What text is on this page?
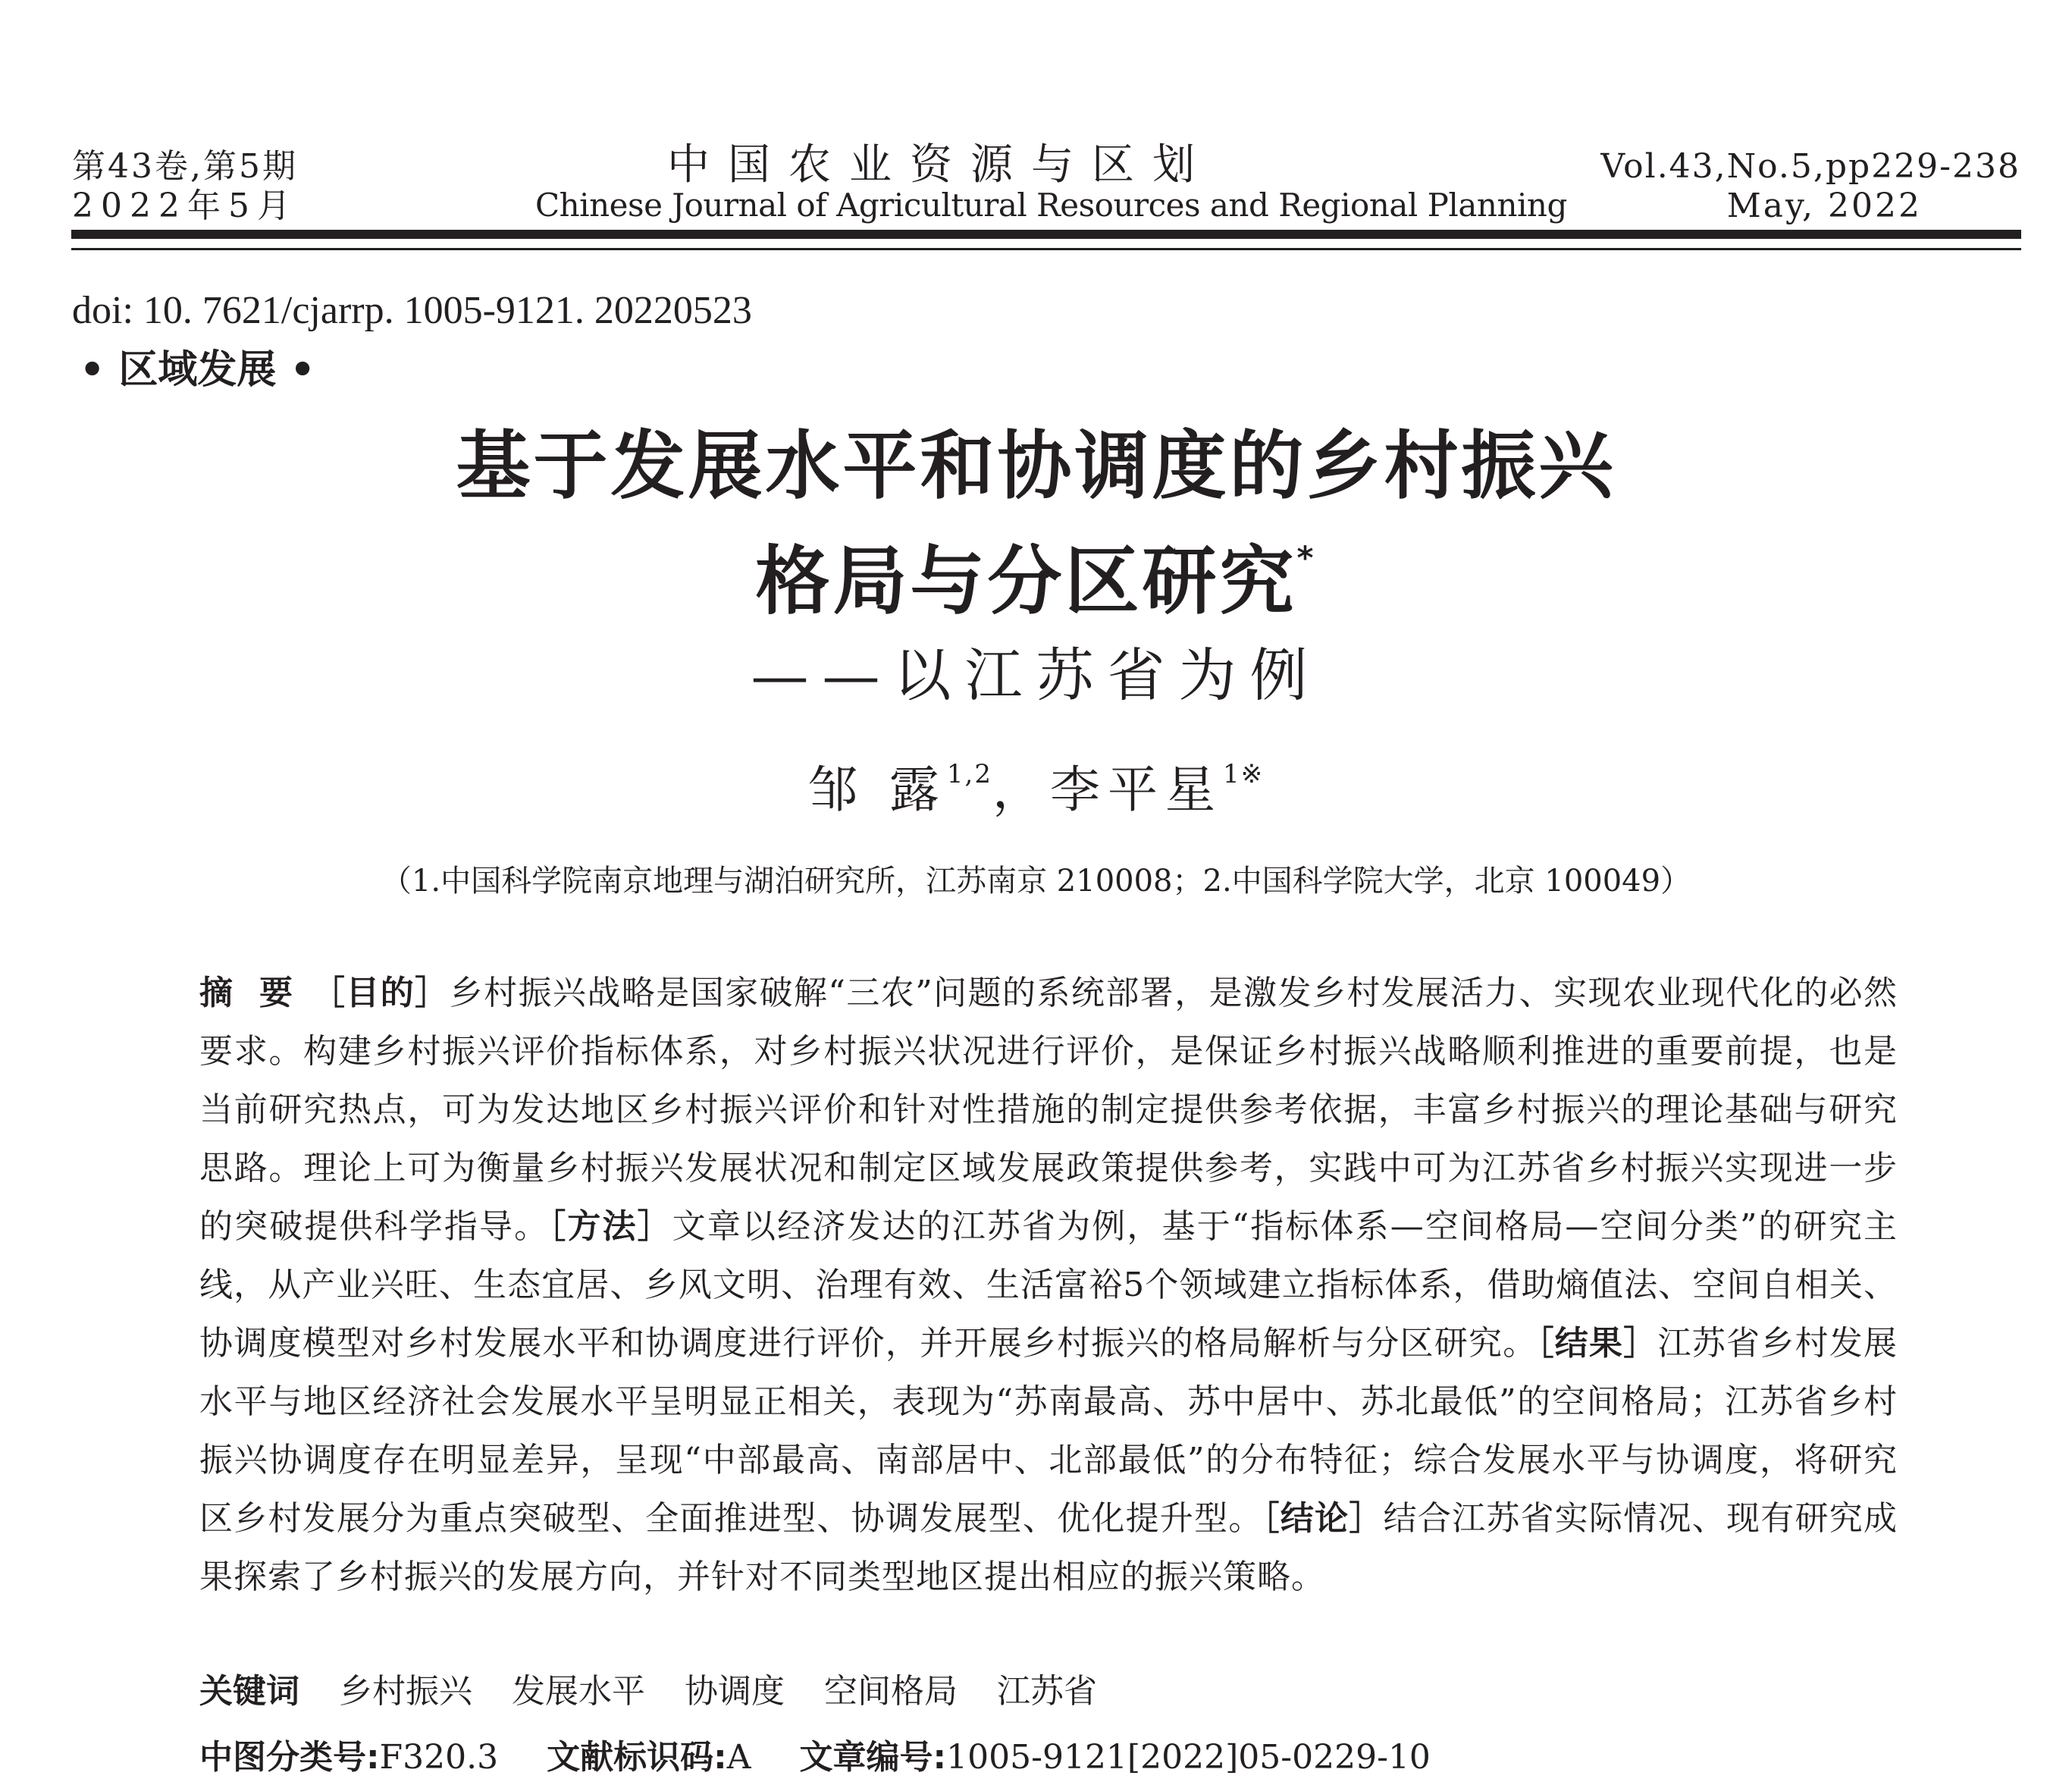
第43卷,第5期
2022年5月
中国农业资源与区划
Chinese Journal of Agricultural Resources and Regional Planning
Vol.43,No.5,pp229-238
May, 2022
doi: 10. 7621/cjarrp. 1005-9121. 20220523
• 区域发展 •
基于发展水平和协调度的乡村振兴
格局与分区研究*
——以江苏省为例
邹 露$^{1,2}$，李平星$^{1※}$
（1.中国科学院南京地理与湖泊研究所，江苏南京 210008；2.中国科学院大学，北京 100049）
摘  要　 ［目的］乡村振兴战略是国家破解“三农”问题的系统部署，是激发乡村发展活力、实现农业现代化的必然要求。构建乡村振兴评价指标体系，对乡村振兴状况进行评价，是保证乡村振兴战略顺利推进的重要前提，也是当前研究热点，可为发达地区乡村振兴评价和针对性措施的制定提供参考依据，丰富乡村振兴的理论基础与研究思路。理论上可为衡量乡村振兴发展状况和制定区域发展政策提供参考，实践中可为江苏省乡村振兴实现进一步的突破提供科学指导。［方法］文章以经济发达的江苏省为例，基于“指标体系—空间格局—空间分类”的研究主线，从产业兴旺、生态宜居、乡风文明、治理有效、生活富裕5个领域建立指标体系，借助熵值法、空间自相关、协调度模型对乡村发展水平和协调度进行评价，并开展乡村振兴的格局解析与分区研究。［结果］江苏省乡村发展水平与地区经济社会发展水平呈明显正相关，表现为“苏南最高、苏中居中、苏北最低”的空间格局；江苏省乡村振兴协调度存在明显差异，呈现“中部最高、南部居中、北部最低”的分布特征；综合发展水平与协调度，将研究区乡村发展分为重点突破型、全面推进型、协调发展型、优化提升型。［结论］结合江苏省实际情况、现有研究成果探索了乡村振兴的发展方向，并针对不同类型地区提出相应的振兴策略。
关键词 乡村振兴 发展水平 协调度 空间格局 江苏省
中图分类号:F320.3 文献标识码:A 文章编号:1005-9121[2022]05-0229-10
